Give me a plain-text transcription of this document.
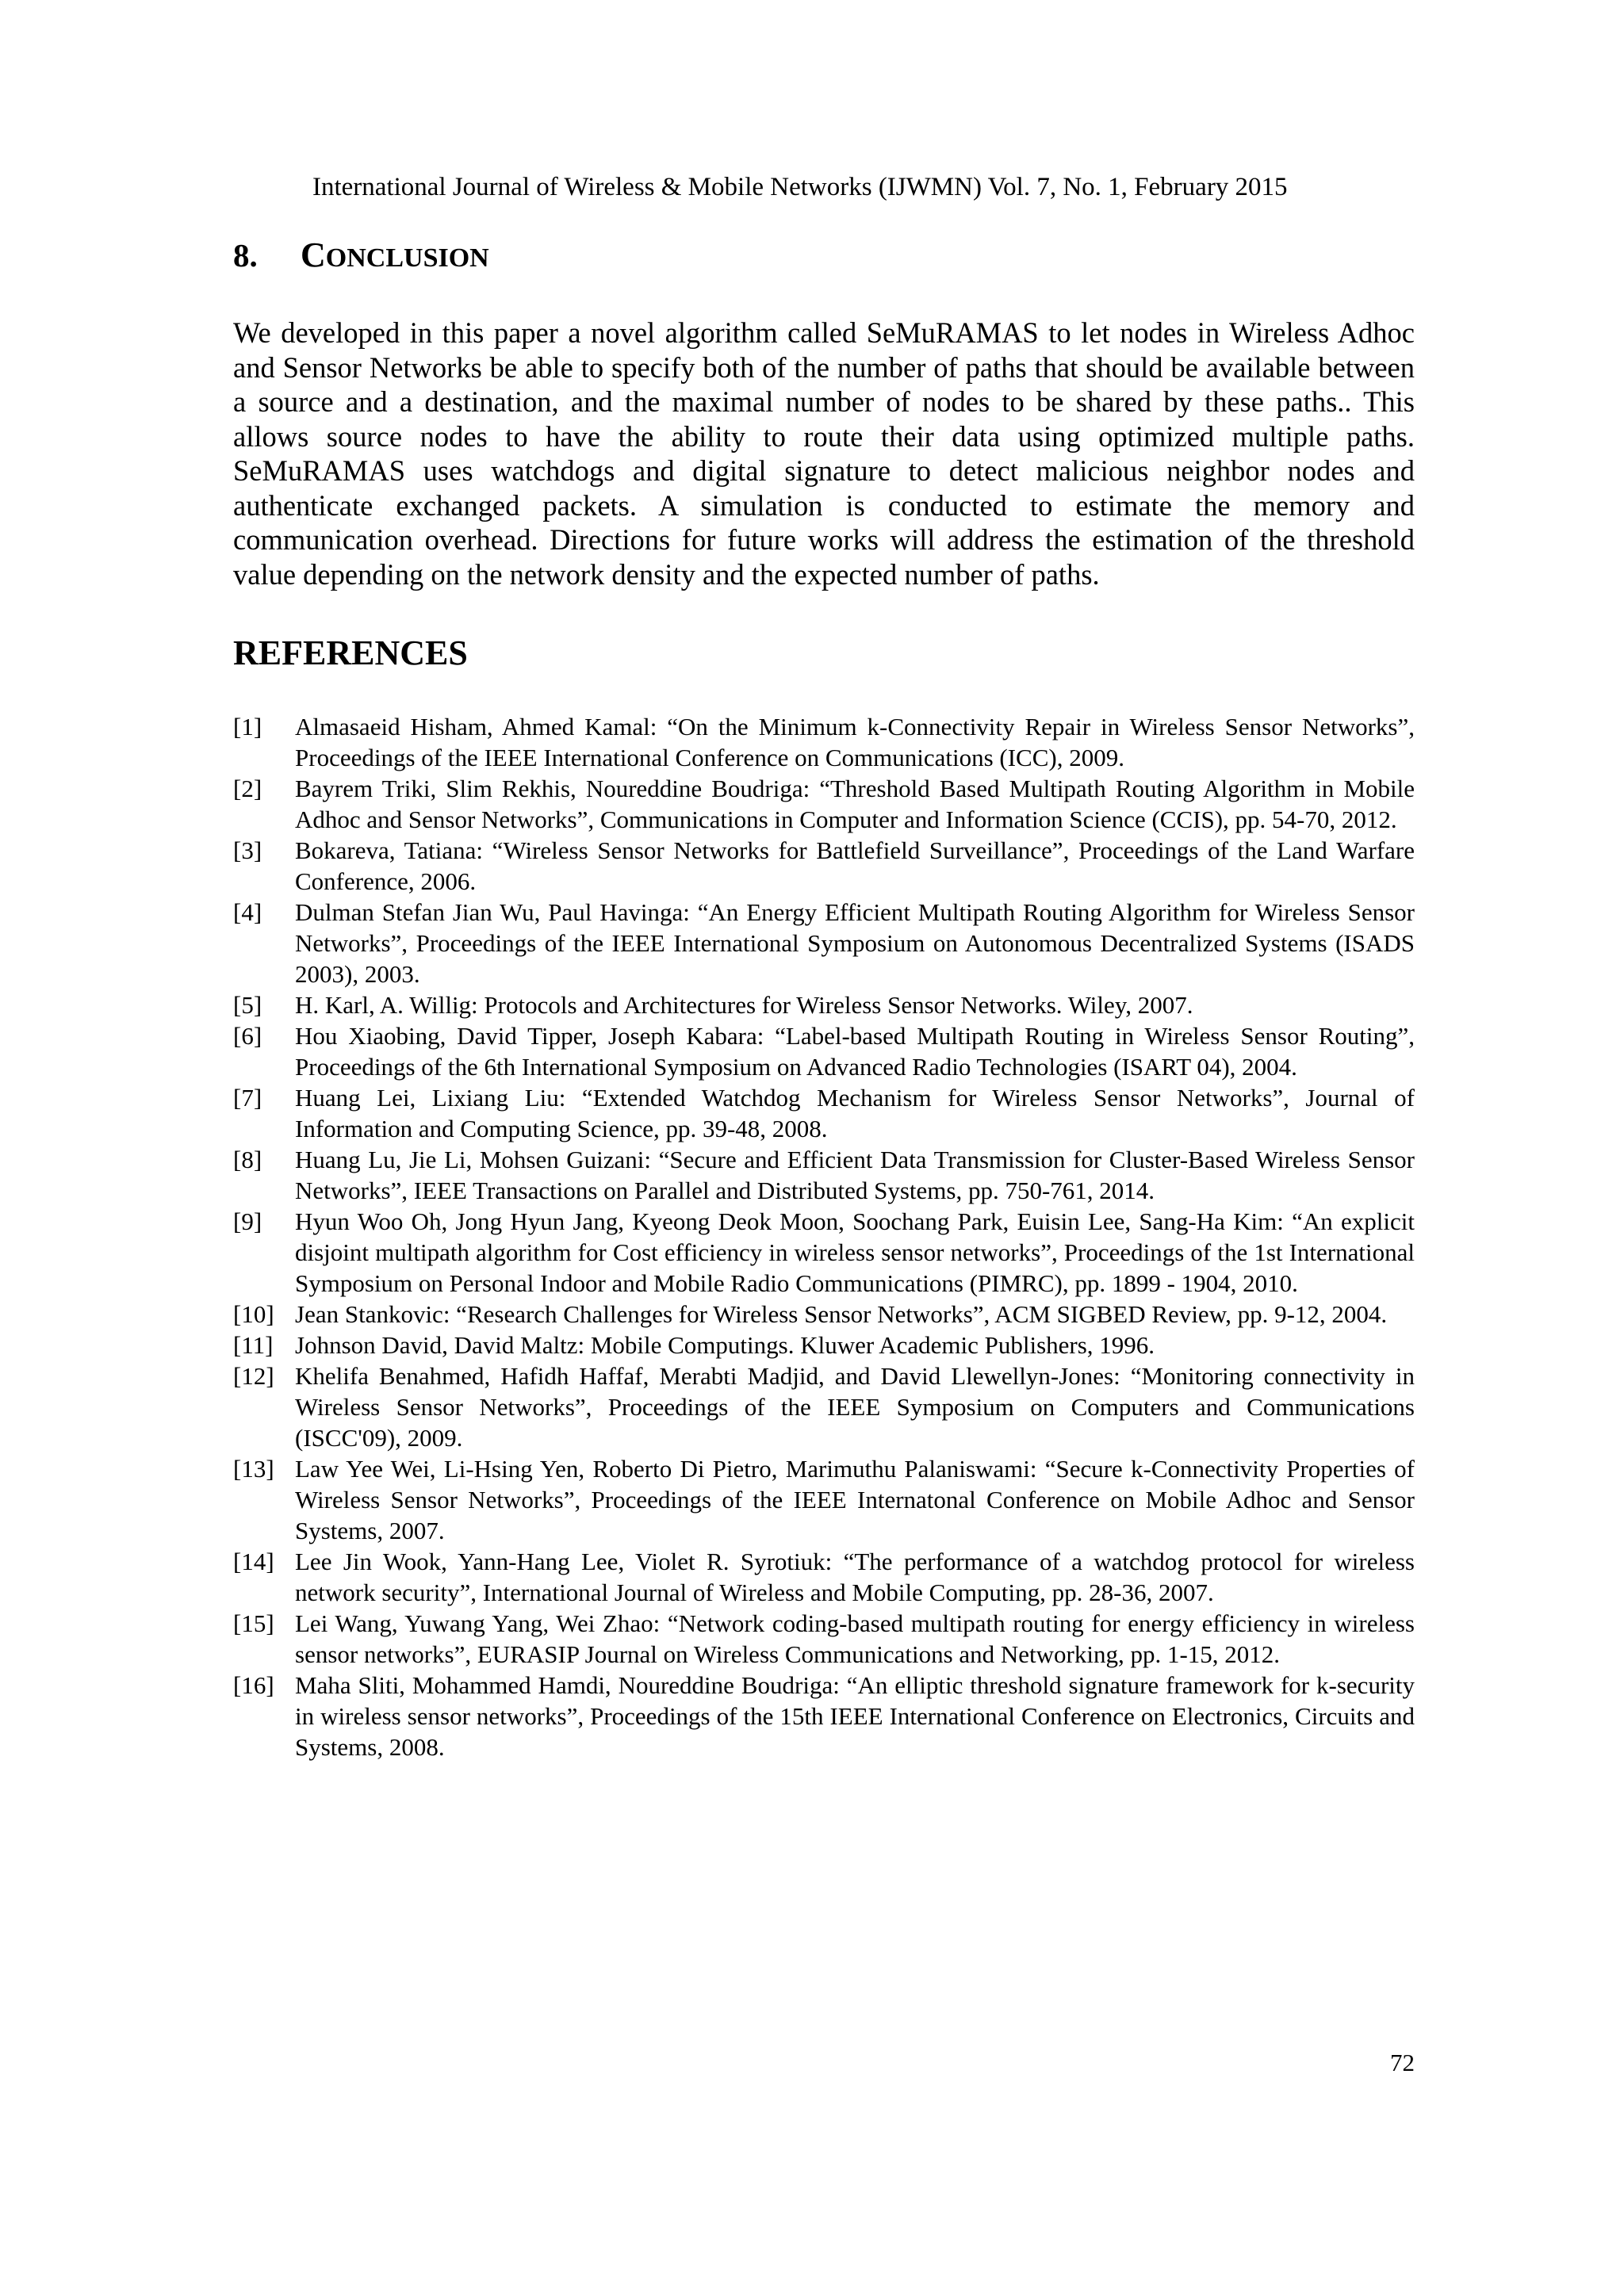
International Journal of Wireless & Mobile Networks (IJWMN) Vol. 7, No. 1, February 2015
8. CONCLUSION

We developed in this paper a novel algorithm called SeMuRAMAS to let nodes in Wireless Adhoc and Sensor Networks be able to specify both of the number of paths that should be available between a source and a destination, and the maximal number of nodes to be shared by these paths.. This allows source nodes to have the ability to route their data using optimized multiple paths. SeMuRAMAS uses watchdogs and digital signature to detect malicious neighbor nodes and authenticate exchanged packets. A simulation is conducted to estimate the memory and communication overhead. Directions for future works will address the estimation of the threshold value depending on the network density and the expected number of paths.

REFERENCES
[1]	Almasaeid Hisham, Ahmed Kamal: “On the Minimum k-Connectivity Repair in Wireless Sensor Networks”, Proceedings of the IEEE International Conference on Communications (ICC), 2009.
[2]	Bayrem Triki, Slim Rekhis, Noureddine Boudriga: “Threshold Based Multipath Routing Algorithm in Mobile Adhoc and Sensor Networks”, Communications in Computer and Information Science (CCIS), pp. 54-70, 2012.
[3]	Bokareva, Tatiana: “Wireless Sensor Networks for Battlefield Surveillance”, Proceedings of the Land Warfare Conference, 2006.
[4]	Dulman Stefan Jian Wu, Paul Havinga: “An Energy Efficient Multipath Routing Algorithm for Wireless Sensor Networks”, Proceedings of the IEEE International Symposium on Autonomous Decentralized Systems (ISADS 2003), 2003.
[5]	H. Karl, A. Willig: Protocols and Architectures for Wireless Sensor Networks. Wiley, 2007.
[6]	Hou Xiaobing, David Tipper, Joseph Kabara: “Label-based Multipath Routing in Wireless Sensor Routing”, Proceedings of the 6th International Symposium on Advanced Radio Technologies (ISART 04), 2004.
[7]	Huang Lei, Lixiang Liu: “Extended Watchdog Mechanism for Wireless Sensor Networks”, Journal of Information and Computing Science, pp. 39-48, 2008.
[8]	Huang Lu, Jie Li, Mohsen Guizani: “Secure and Efficient Data Transmission for Cluster-Based Wireless Sensor Networks”, IEEE Transactions on Parallel and Distributed Systems, pp. 750-761, 2014.
[9]	Hyun Woo Oh, Jong Hyun Jang, Kyeong Deok Moon, Soochang Park, Euisin Lee, Sang-Ha Kim: “An explicit disjoint multipath algorithm for Cost efficiency in wireless sensor networks”, Proceedings of the 1st International Symposium on Personal Indoor and Mobile Radio Communications (PIMRC), pp. 1899 - 1904, 2010.
[10] Jean Stankovic: “Research Challenges for Wireless Sensor Networks”, ACM SIGBED Review, pp. 9-12, 2004.
[11] Johnson David, David Maltz: Mobile Computings. Kluwer Academic Publishers, 1996.
[12] Khelifa Benahmed, Hafidh Haffaf, Merabti Madjid, and David Llewellyn-Jones: “Monitoring connectivity in Wireless Sensor Networks”, Proceedings of the IEEE Symposium on Computers and Communications (ISCC'09), 2009.
[13] Law Yee Wei, Li-Hsing Yen, Roberto Di Pietro, Marimuthu Palaniswami: “Secure k-Connectivity Properties of Wireless Sensor Networks”, Proceedings of the IEEE Internatonal Conference on Mobile Adhoc and Sensor Systems, 2007.
[14] Lee Jin Wook, Yann-Hang Lee, Violet R. Syrotiuk: “The performance of a watchdog protocol for wireless network security”, International Journal of Wireless and Mobile Computing, pp. 28-36, 2007.
[15] Lei Wang, Yuwang Yang, Wei Zhao: “Network coding-based multipath routing for energy efficiency in wireless sensor networks”, EURASIP Journal on Wireless Communications and Networking, pp. 1-15, 2012.
[16] Maha Sliti, Mohammed Hamdi, Noureddine Boudriga: “An elliptic threshold signature framework for k-security in wireless sensor networks”, Proceedings of the 15th IEEE International Conference on Electronics, Circuits and Systems, 2008.
72
